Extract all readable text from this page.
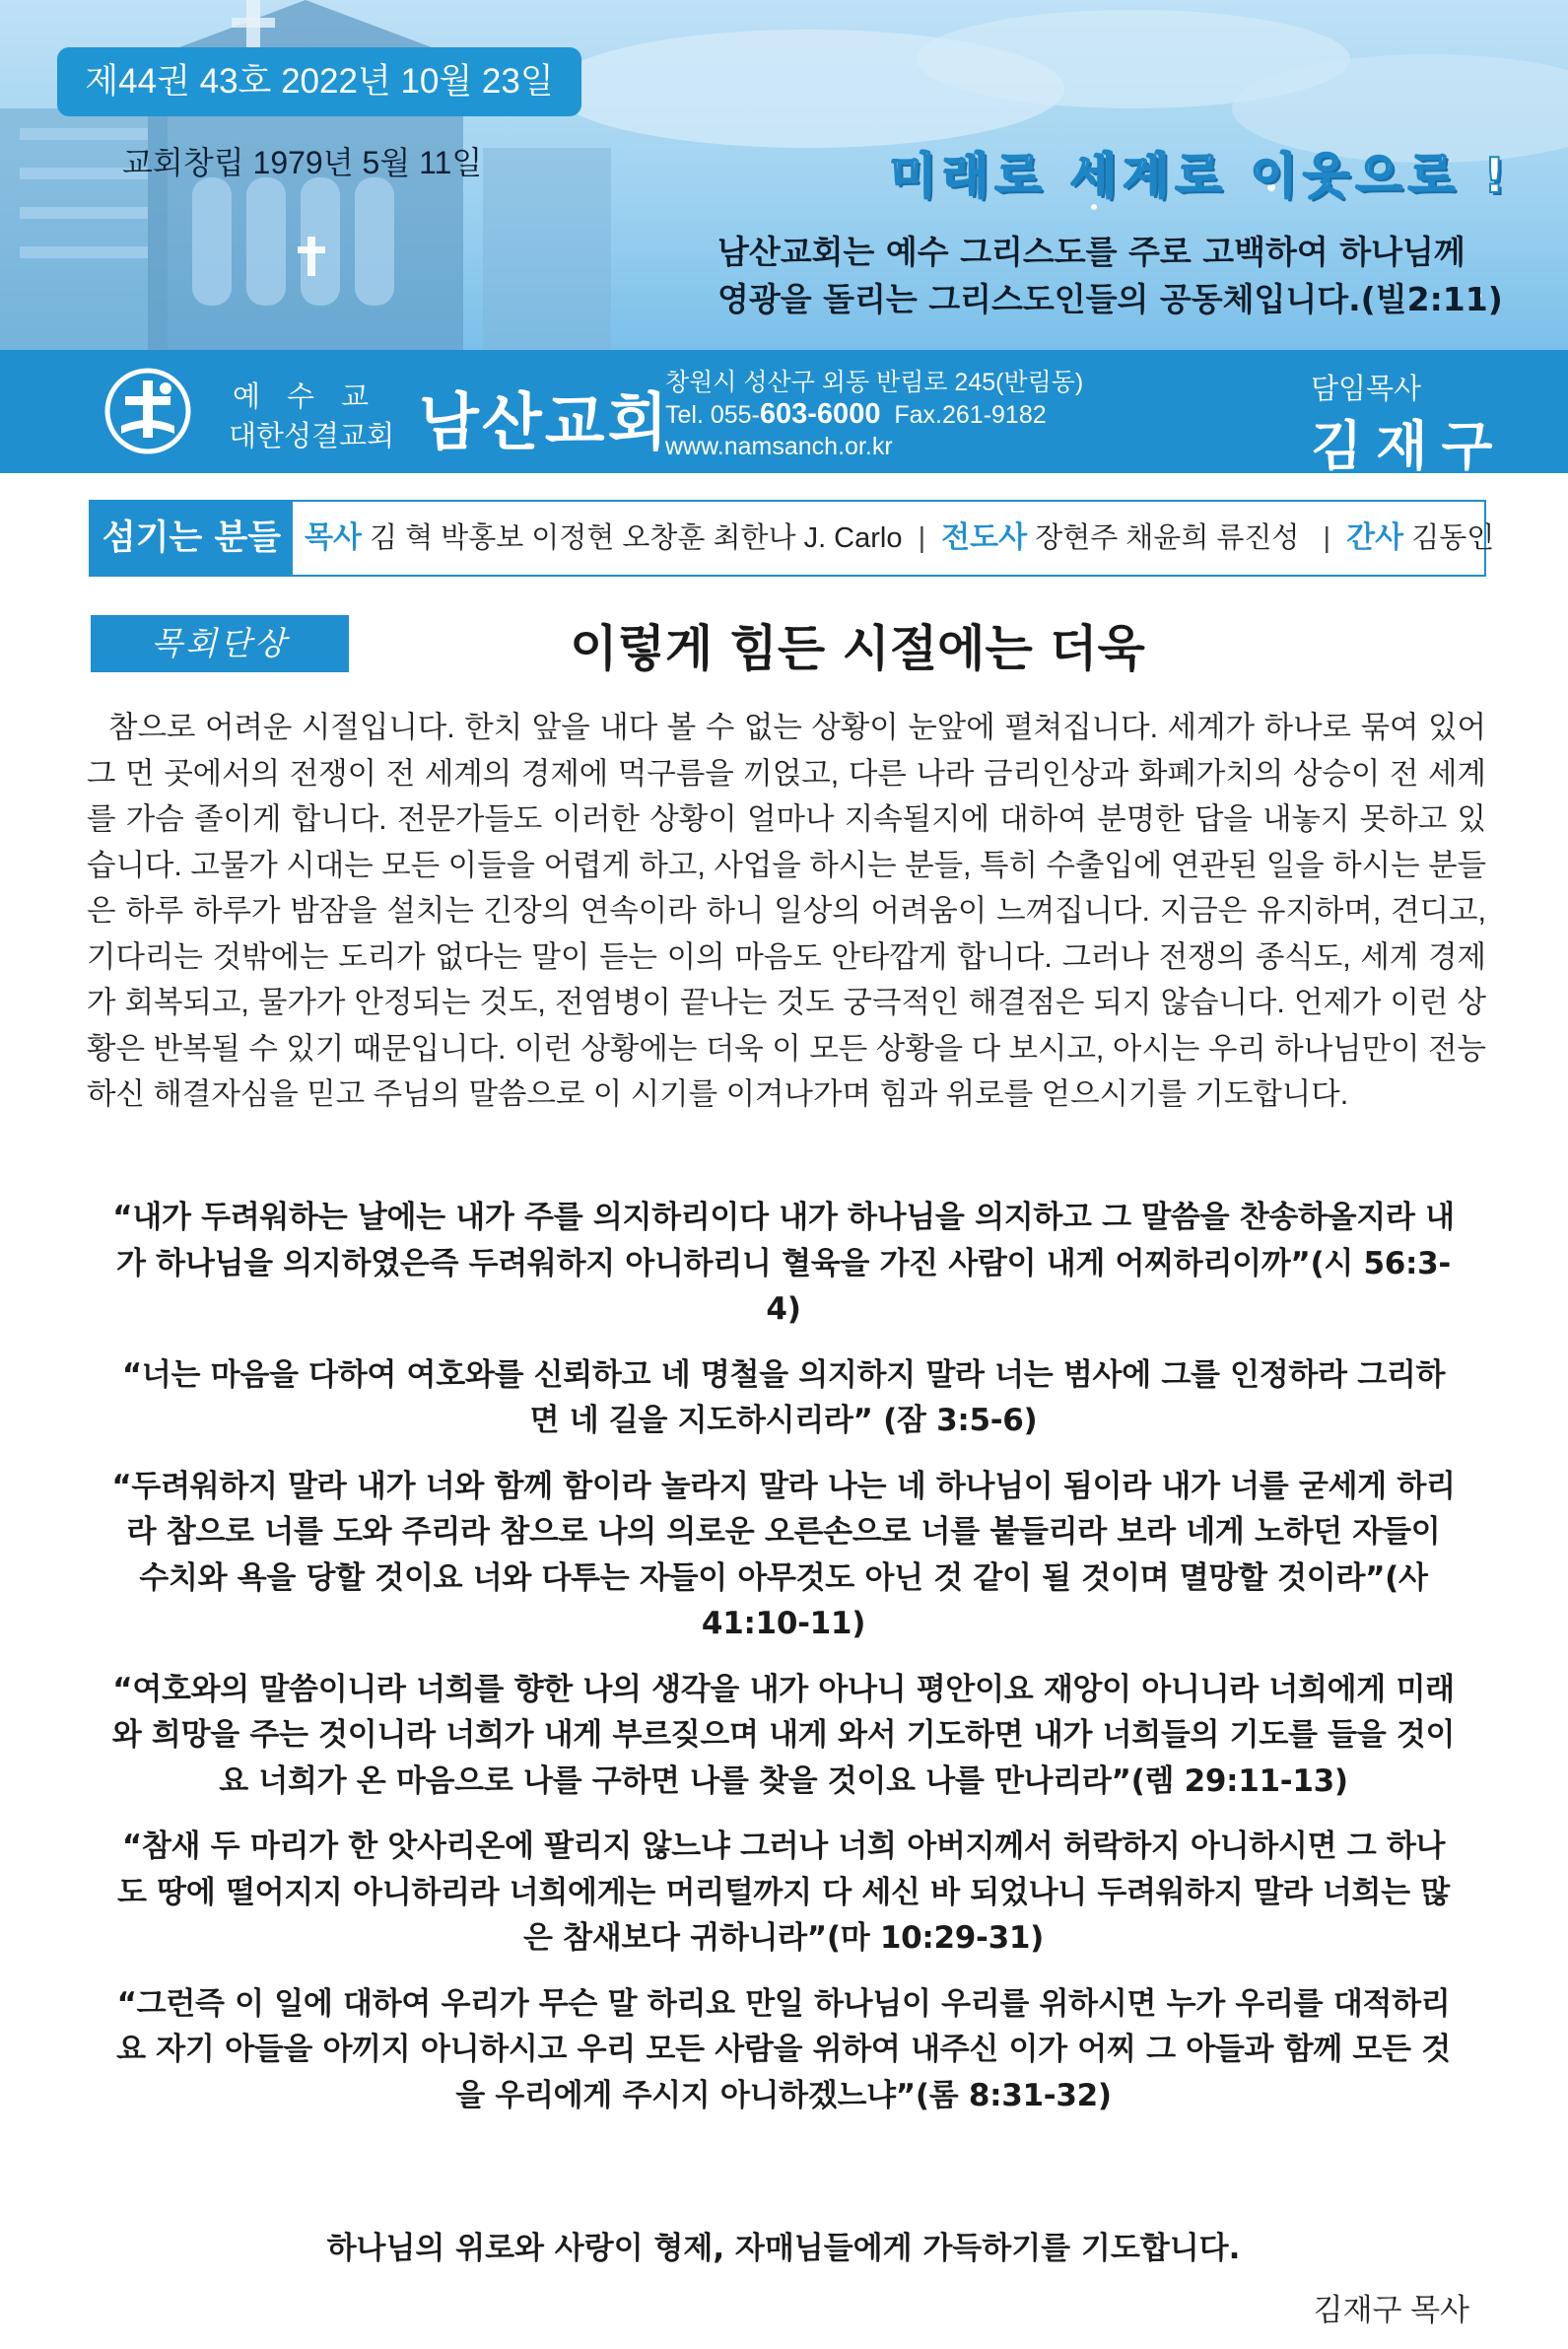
제44권 43호 2022년 10월 23일
교회창립 1979년 5월 11일	미래로 세계로 이웃으로 !
남산교회는 예수 그리스도를 주로 고백하여 하나님께
영광을 돌리는 그리스도인들의 공동체입니다.(빌2:11)
예수교
대한성결교회 남산교회
창원시 성산구 외동 반림로 245(반림동)
Tel. 055-603-6000 Fax.261-9182
www.namsanch.or.kr
담임목사
김재구
섬기는 분들 목사 김 혁 박홍보 이정현 오창훈 최한나 J. Carlo | 전도사 장현주 채윤희 류진성  | 간사 김동인
목회단상	이렇게 힘든 시절에는 더욱

참으로 어려운 시절입니다. 한치 앞을 내다 볼 수 없는 상황이 눈앞에 펼쳐집니다. 세계가 하나로 묶여 있어 그 먼 곳에서의 전쟁이 전 세계의 경제에 먹구름을 끼얹고, 다른 나라 금리인상과 화폐가치의 상승이 전 세계를 가슴 졸이게 합니다. 전문가들도 이러한 상황이 얼마나 지속될지에 대하여 분명한 답을 내놓지 못하고 있습니다. 고물가 시대는 모든 이들을 어렵게 하고, 사업을 하시는 분들, 특히 수출입에 연관된 일을 하시는 분들은 하루 하루가 밤잠을 설치는 긴장의 연속이라 하니 일상의 어려움이 느껴집니다. 지금은 유지하며, 견디고, 기다리는 것밖에는 도리가 없다는 말이 듣는 이의 마음도 안타깝게 합니다. 그러나 전쟁의 종식도, 세계 경제가 회복되고, 물가가 안정되는 것도, 전염병이 끝나는 것도 궁극적인 해결점은 되지 않습니다. 언제가 이런 상황은 반복될 수 있기 때문입니다. 이런 상황에는 더욱 이 모든 상황을 다 보시고, 아시는 우리 하나님만이 전능하신 해결자심을 믿고 주님의 말씀으로 이 시기를 이겨나가며 힘과 위로를 얻으시기를 기도합니다.

“내가 두려워하는 날에는 내가 주를 의지하리이다 내가 하나님을 의지하고 그 말씀을 찬송하올지라 내가 하나님을 의지하였은즉 두려워하지 아니하리니 혈육을 가진 사람이 내게 어찌하리이까”(시 56:3-4)

“너는 마음을 다하여 여호와를 신뢰하고 네 명철을 의지하지 말라 너는 범사에 그를 인정하라 그리하면 네 길을 지도하시리라” (잠 3:5-6)

“두려워하지 말라 내가 너와 함께 함이라 놀라지 말라 나는 네 하나님이 됨이라 내가 너를 굳세게 하리라 참으로 너를 도와 주리라 참으로 나의 의로운 오른손으로 너를 붙들리라 보라 네게 노하던 자들이 수치와 욕을 당할 것이요 너와 다투는 자들이 아무것도 아닌 것 같이 될 것이며 멸망할 것이라”(사 41:10-11)

“여호와의 말씀이니라 너희를 향한 나의 생각을 내가 아나니 평안이요 재앙이 아니니라 너희에게 미래와 희망을 주는 것이니라 너희가 내게 부르짖으며 내게 와서 기도하면 내가 너희들의 기도를 들을 것이요 너희가 온 마음으로 나를 구하면 나를 찾을 것이요 나를 만나리라”(렘 29:11-13)

“참새 두 마리가 한 앗사리온에 팔리지 않느냐 그러나 너희 아버지께서 허락하지 아니하시면 그 하나도 땅에 떨어지지 아니하리라 너희에게는 머리털까지 다 세신 바 되었나니 두려워하지 말라 너희는 많은 참새보다 귀하니라”(마 10:29-31)

“그런즉 이 일에 대하여 우리가 무슨 말 하리요 만일 하나님이 우리를 위하시면 누가 우리를 대적하리요 자기 아들을 아끼지 아니하시고 우리 모든 사람을 위하여 내주신 이가 어찌 그 아들과 함께 모든 것을 우리에게 주시지 아니하겠느냐”(롬 8:31-32)

하나님의 위로와 사랑이 형제, 자매님들에게 가득하기를 기도합니다.
김재구 목사
